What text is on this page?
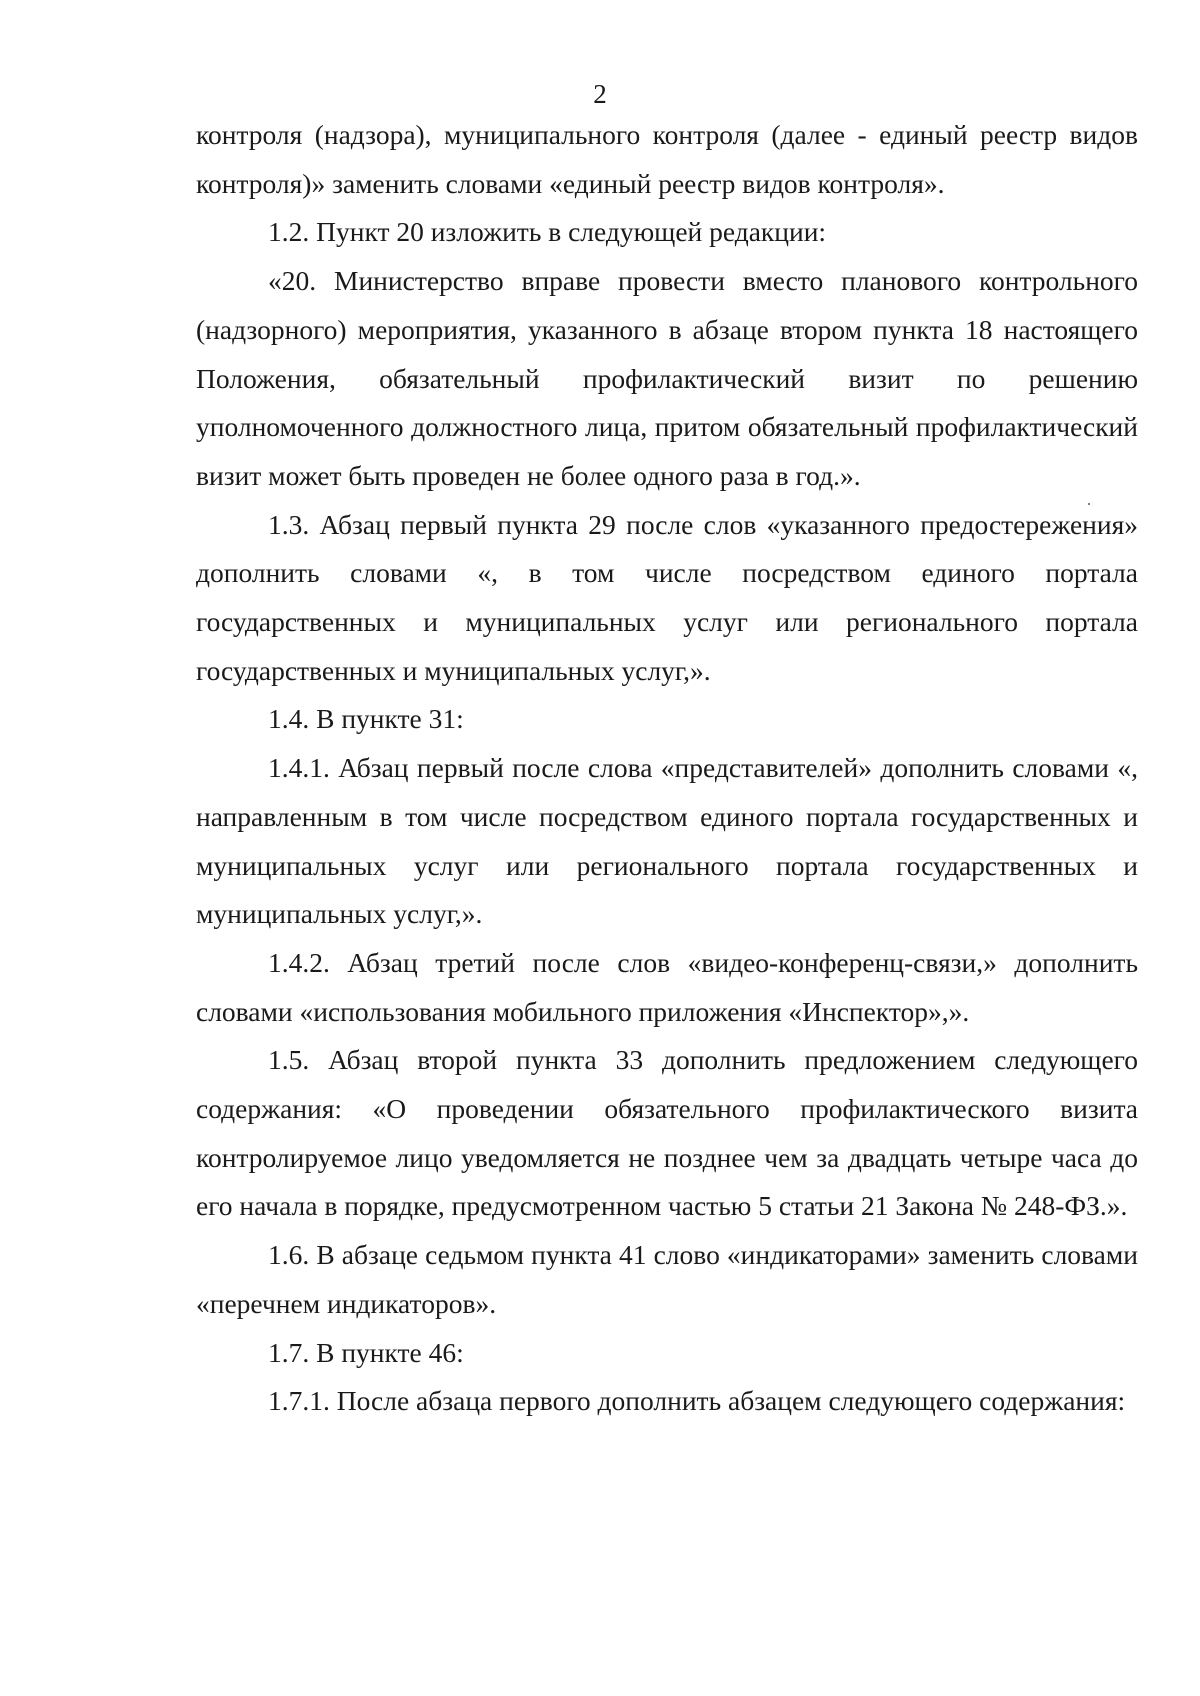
2

контроля (надзора), муниципального контроля (далее - единый реестр видов контроля)» заменить словами «единый реестр видов контроля».

1.2. Пункт 20 изложить в следующей редакции:

«20. Министерство вправе провести вместо планового контрольного (надзорного) мероприятия, указанного в абзаце втором пункта 18 настоящего Положения, обязательный профилактический визит по решению уполномоченного должностного лица, притом обязательный профилактический визит может быть проведен не более одного раза в год.».

1.3. Абзац первый пункта 29 после слов «указанного предостережения» дополнить словами «, в том числе посредством единого портала государственных и муниципальных услуг или регионального портала государственных и муниципальных услуг,».

1.4. В пункте 31:

1.4.1. Абзац первый после слова «представителей» дополнить словами «, направленным в том числе посредством единого портала государственных и муниципальных услуг или регионального портала государственных и муниципальных услуг,».

1.4.2. Абзац третий после слов «видео-конференц-связи,» дополнить словами «использования мобильного приложения «Инспектор»,».

1.5. Абзац второй пункта 33 дополнить предложением следующего содержания: «О проведении обязательного профилактического визита контролируемое лицо уведомляется не позднее чем за двадцать четыре часа до его начала в порядке, предусмотренном частью 5 статьи 21 Закона № 248-ФЗ.».

1.6. В абзаце седьмом пункта 41 слово «индикаторами» заменить словами «перечнем индикаторов».

1.7. В пункте 46:

1.7.1. После абзаца первого дополнить абзацем следующего содержания:
